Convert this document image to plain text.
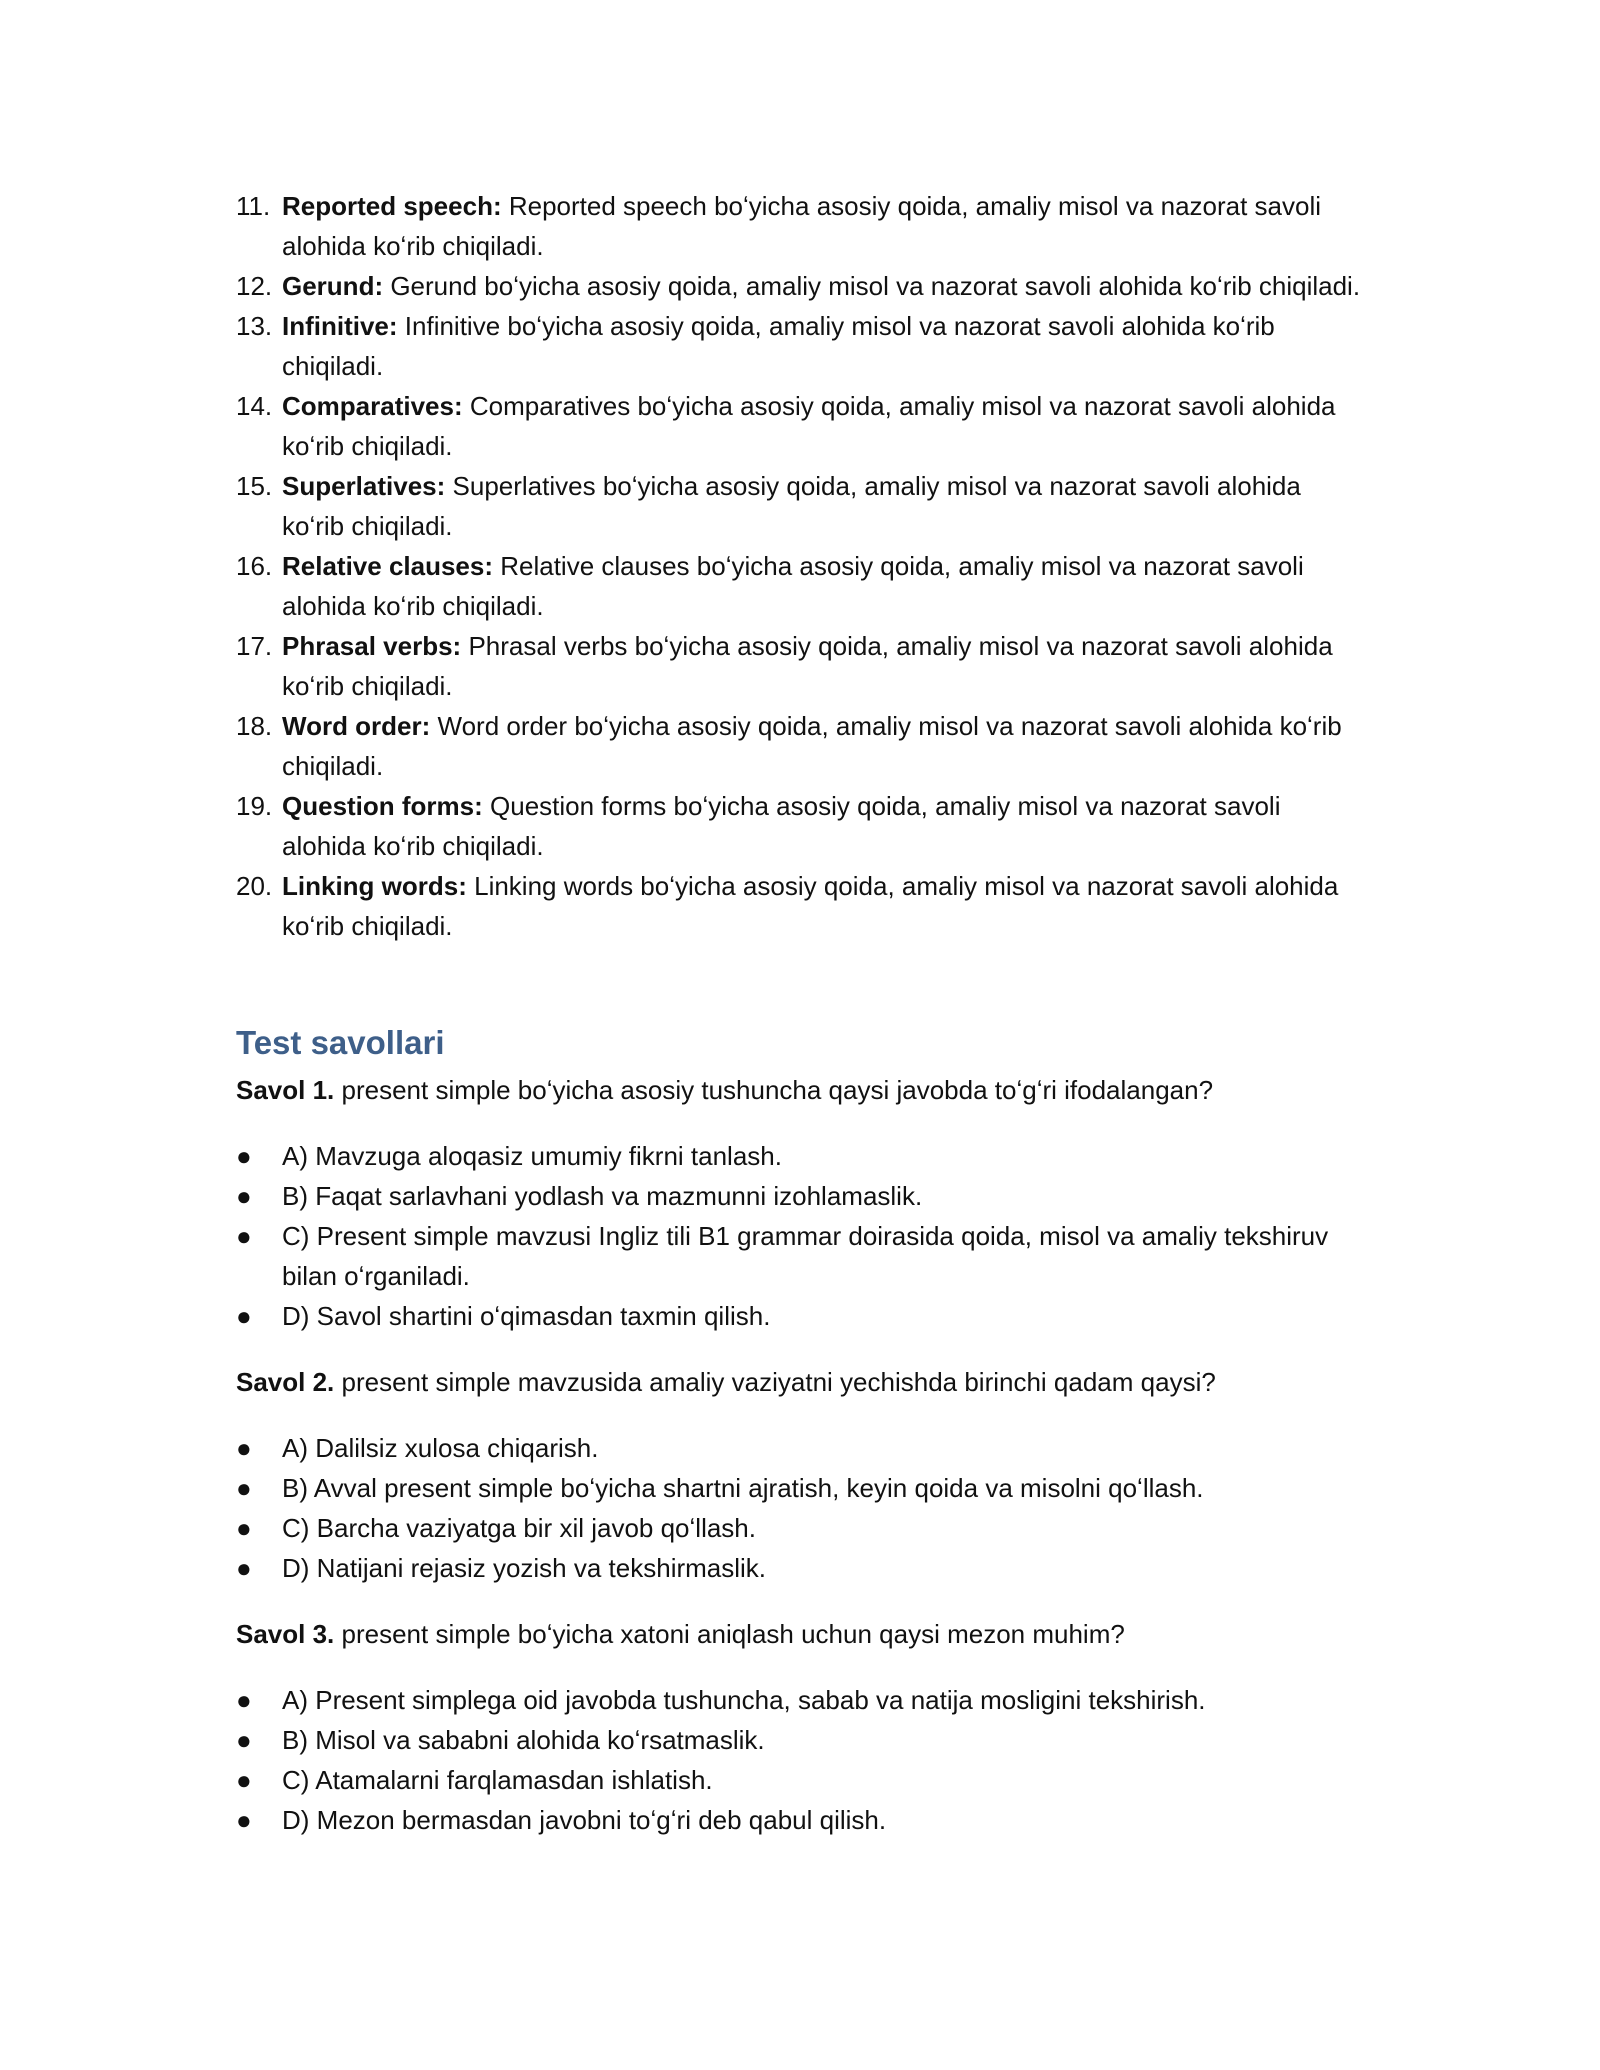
11. Reported speech: Reported speech boʻyicha asosiy qoida, amaliy misol va nazorat savoli alohida koʻrib chiqiladi.
12. Gerund: Gerund boʻyicha asosiy qoida, amaliy misol va nazorat savoli alohida koʻrib chiqiladi.
13. Infinitive: Infinitive boʻyicha asosiy qoida, amaliy misol va nazorat savoli alohida koʻrib chiqiladi.
14. Comparatives: Comparatives boʻyicha asosiy qoida, amaliy misol va nazorat savoli alohida koʻrib chiqiladi.
15. Superlatives: Superlatives boʻyicha asosiy qoida, amaliy misol va nazorat savoli alohida koʻrib chiqiladi.
16. Relative clauses: Relative clauses boʻyicha asosiy qoida, amaliy misol va nazorat savoli alohida koʻrib chiqiladi.
17. Phrasal verbs: Phrasal verbs boʻyicha asosiy qoida, amaliy misol va nazorat savoli alohida koʻrib chiqiladi.
18. Word order: Word order boʻyicha asosiy qoida, amaliy misol va nazorat savoli alohida koʻrib chiqiladi.
19. Question forms: Question forms boʻyicha asosiy qoida, amaliy misol va nazorat savoli alohida koʻrib chiqiladi.
20. Linking words: Linking words boʻyicha asosiy qoida, amaliy misol va nazorat savoli alohida koʻrib chiqiladi.
Test savollari

Savol 1. present simple boʻyicha asosiy tushuncha qaysi javobda toʻgʻri ifodalangan?

● A) Mavzuga aloqasiz umumiy fikrni tanlash.
● B) Faqat sarlavhani yodlash va mazmunni izohlamaslik.
● C) Present simple mavzusi Ingliz tili B1 grammar doirasida qoida, misol va amaliy tekshiruv bilan oʻrganiladi.
● D) Savol shartini oʻqimasdan taxmin qilish.

Savol 2. present simple mavzusida amaliy vaziyatni yechishda birinchi qadam qaysi?

● A) Dalilsiz xulosa chiqarish.
● B) Avval present simple boʻyicha shartni ajratish, keyin qoida va misolni qoʻllash.
● C) Barcha vaziyatga bir xil javob qoʻllash.
● D) Natijani rejasiz yozish va tekshirmaslik.

Savol 3. present simple boʻyicha xatoni aniqlash uchun qaysi mezon muhim?

● A) Present simplega oid javobda tushuncha, sabab va natija mosligini tekshirish.
● B) Misol va sababni alohida koʻrsatmaslik.
● C) Atamalarni farqlamasdan ishlatish.
● D) Mezon bermasdan javobni toʻgʻri deb qabul qilish.
